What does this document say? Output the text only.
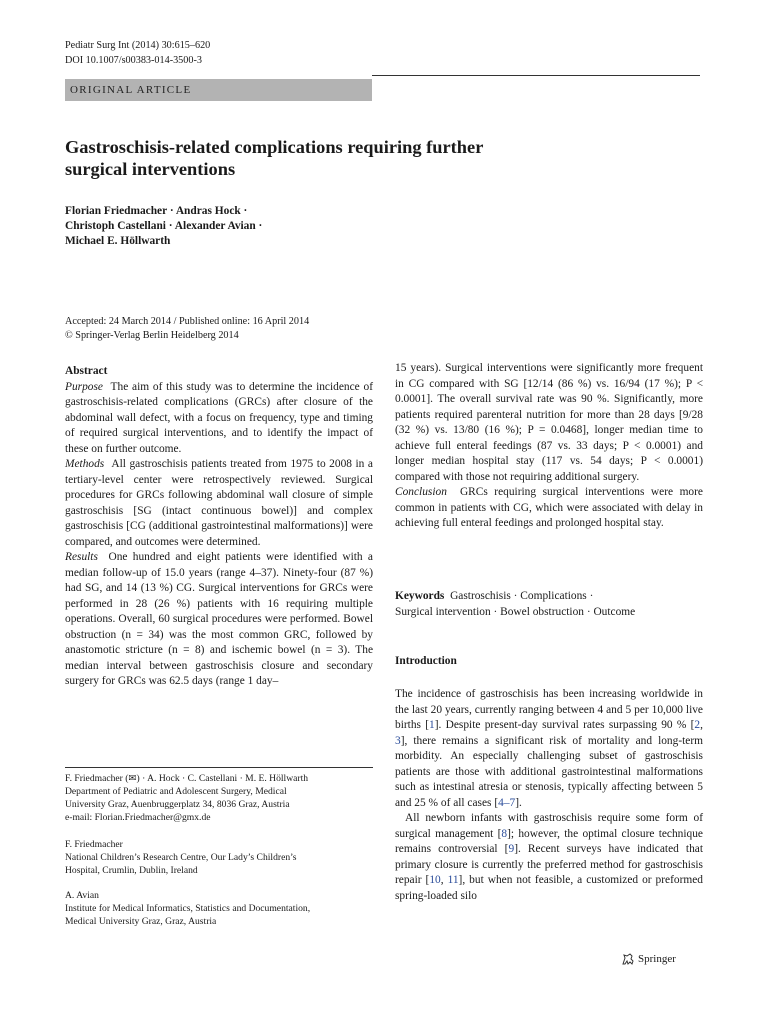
Pediatr Surg Int (2014) 30:615–620
DOI 10.1007/s00383-014-3500-3
ORIGINAL ARTICLE
Gastroschisis-related complications requiring further
surgical interventions
Florian Friedmacher · Andras Hock ·
Christoph Castellani · Alexander Avian ·
Michael E. Höllwarth
Accepted: 24 March 2014 / Published online: 16 April 2014
© Springer-Verlag Berlin Heidelberg 2014

Abstract

Purpose The aim of this study was to determine the incidence of gastroschisis-related complications (GRCs) after closure of the abdominal wall defect, with a focus on frequency, type and timing of required surgical interventions, and to identify the impact of these on further outcome.

Methods All gastroschisis patients treated from 1975 to 2008 in a tertiary-level center were retrospectively reviewed. Surgical procedures for GRCs following abdominal wall closure of simple gastroschisis [SG (intact continuous bowel)] and complex gastroschisis [CG (additional gastrointestinal malformations)] were compared, and outcomes were determined.

Results One hundred and eight patients were identified with a median follow-up of 15.0 years (range 4–37). Ninety-four (87 %) had SG, and 14 (13 %) CG. Surgical interventions for GRCs were performed in 28 (26 %) patients with 16 requiring multiple operations. Overall, 60 surgical procedures were performed. Bowel obstruction (n = 34) was the most common GRC, followed by anastomotic stricture (n = 8) and ischemic bowel (n = 3). The median interval between gastroschisis closure and secondary surgery for GRCs was 62.5 days (range 1 day–

F. Friedmacher (✉) · A. Hock · C. Castellani · M. E. Höllwarth

Department of Pediatric and Adolescent Surgery, Medical

University Graz, Auenbruggerplatz 34, 8036 Graz, Austria

e-mail: Florian.Friedmacher@gmx.de

F. Friedmacher

National Children’s Research Centre, Our Lady’s Children’s

Hospital, Crumlin, Dublin, Ireland

A. Avian

Institute for Medical Informatics, Statistics and Documentation,

Medical University Graz, Graz, Austria

15 years). Surgical interventions were significantly more frequent in CG compared with SG [12/14 (86 %) vs. 16/94 (17 %); P < 0.0001]. The overall survival rate was 90 %. Significantly, more patients required parenteral nutrition for more than 28 days [9/28 (32 %) vs. 13/80 (16 %); P = 0.0468], longer median time to achieve full enteral feedings (87 vs. 33 days; P < 0.0001) and longer median hospital stay (117 vs. 54 days; P < 0.0001) compared with those not requiring additional surgery.

Conclusion GRCs requiring surgical interventions were more common in patients with CG, which were associated with delay in achieving full enteral feedings and prolonged hospital stay.

Keywords Gastroschisis · Complications ·

Surgical intervention · Bowel obstruction · Outcome

Introduction

The incidence of gastroschisis has been increasing worldwide in the last 20 years, currently ranging between 4 and 5 per 10,000 live births [1]. Despite present-day survival rates surpassing 90 % [2, 3], there remains a significant risk of mortality and long-term morbidity. An especially challenging subset of gastroschisis patients are those with additional gastrointestinal malformations such as intestinal atresia or stenosis, typically affecting between 5 and 25 % of all cases [4–7].

All newborn infants with gastroschisis require some form of surgical management [8]; however, the optimal closure technique remains controversial [9]. Recent surveys have indicated that primary closure is currently the preferred method for gastroschisis repair [10, 11], but when not feasible, a customized or preformed spring-loaded silo

Springer
